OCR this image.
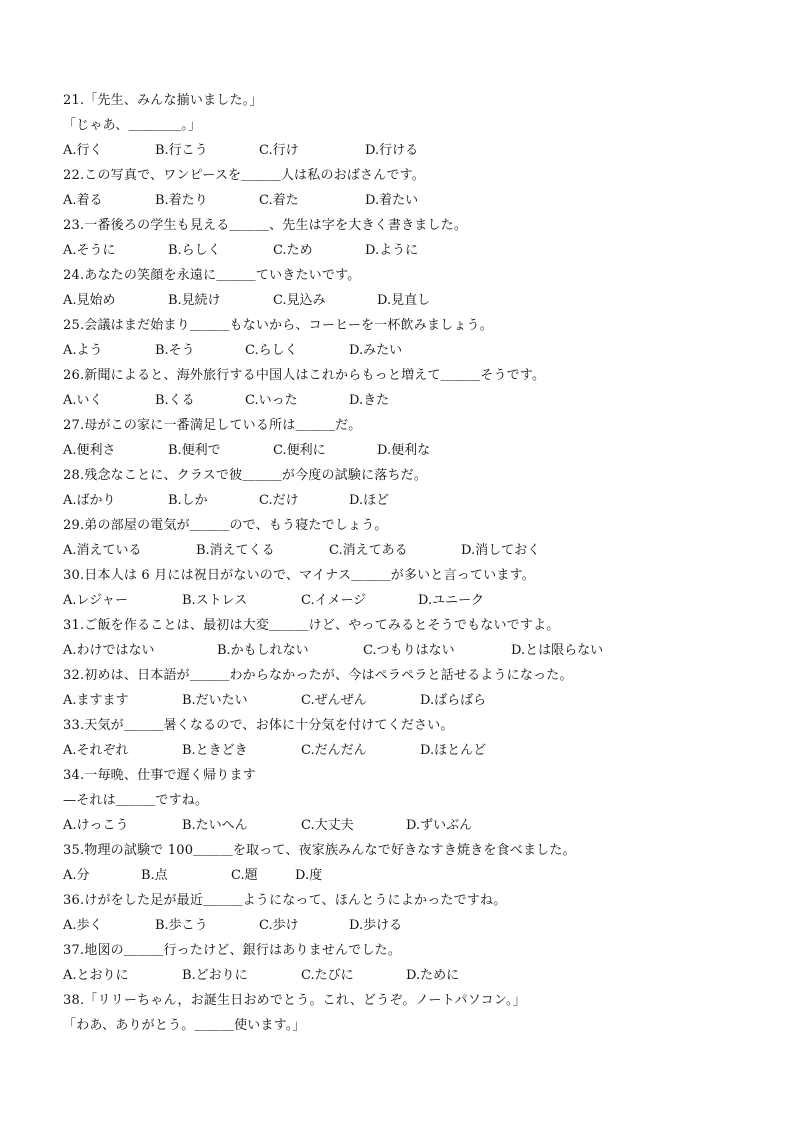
21.「先生、みんな揃いました。」
「じゃあ、＿＿＿＿。」
A.行く	B.行こう	C.行け	D.行ける
22.この写真で、ワンピースを＿＿＿人は私のおばさんです。
A.着る	B.着たり	C.着た	D.着たい
23.一番後ろの学生も見える＿＿＿、先生は字を大きく書きました。
A.そうに	B.らしく	C.ため	D.ように
24.あなたの笑顔を永遠に＿＿＿ていきたいです。
A.見始め	B.見続け	C.見込み	D.見直し
25.会議はまだ始まり＿＿＿もないから、コーヒーを一杯飲みましょう。
A.よう	B.そう	C.らしく	D.みたい
26.新聞によると、海外旅行する中国人はこれからもっと増えて＿＿＿そうです。
A.いく	B.くる	C.いった	D.きた
27.母がこの家に一番満足している所は＿＿＿だ。
A.便利さ	B.便利で	C.便利に	D.便利な
28.残念なことに、クラスで彼＿＿＿が今度の試験に落ちだ。
A.ばかり	B.しか	C.だけ	D.ほど
29.弟の部屋の電気が＿＿＿ので、もう寝たでしょう。
A.消えている	B.消えてくる	C.消えてある	D.消しておく
30.日本人は 6 月には祝日がないので、マイナス＿＿＿が多いと言っています。
A.レジャー	B.ストレス	C.イメージ	D.ユニーク
31.ご飯を作ることは、最初は大変＿＿＿けど、やってみるとそうでもないですよ。
A.わけではない	B.かもしれない	C.つもりはない	D.とは限らない
32.初めは、日本語が＿＿＿わからなかったが、今はペラペラと話せるようになった。
A.ますます	B.だいたい	C.ぜんぜん	D.ばらばら
33.天気が＿＿＿暑くなるので、お体に十分気を付けてください。
A.それぞれ	B.ときどき	C.だんだん	D.ほとんど
34.一毎晩、仕事で遅く帰ります
—それは＿＿＿ですね。
A.けっこう	B.たいへん	C.大丈夫	D.ずいぶん
35.物理の試験で 100＿＿＿を取って、夜家族みんなで好きなすき焼きを食べました。
A.分	B.点	C.題	D.度
36.けがをした足が最近＿＿＿ようになって、ほんとうによかったですね。
A.歩く	B.歩こう	C.歩け	D.歩ける
37.地図の＿＿＿行ったけど、銀行はありませんでした。
A.とおりに	B.どおりに	C.たびに	D.ために
38.「リリーちゃん，お誕生日おめでとう。これ、どうぞ。ノートパソコン。」
「わあ、ありがとう。＿＿＿使います。」
